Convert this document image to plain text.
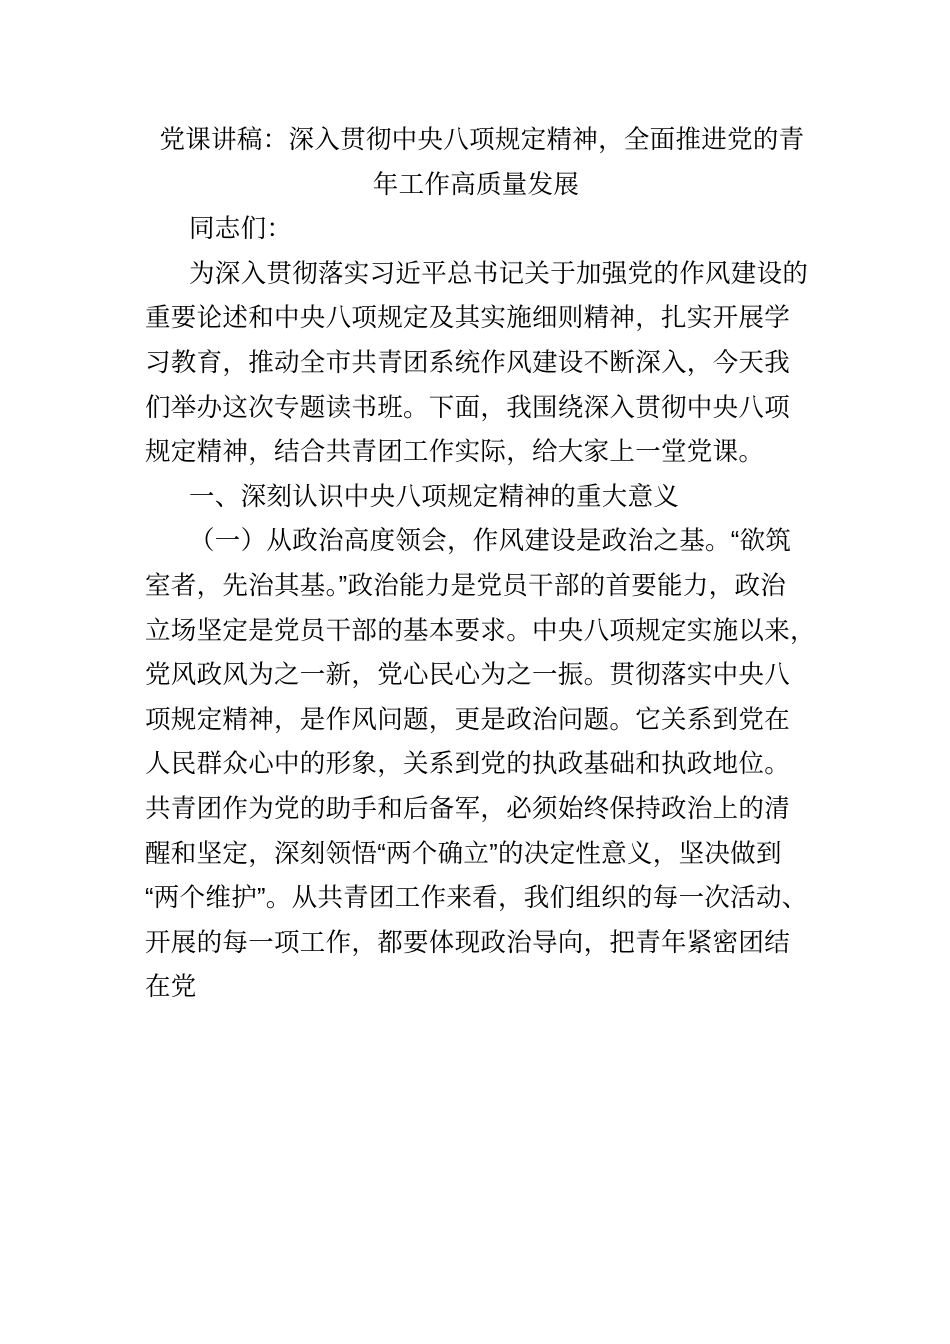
党课讲稿：深入贯彻中央八项规定精神，全面推进党的青
年工作高质量发展
同志们：
为深入贯彻落实习近平总书记关于加强党的作风建设的
重要论述和中央八项规定及其实施细则精神，扎实开展学
习教育，推动全市共青团系统作风建设不断深入，今天我
们举办这次专题读书班。下面，我围绕深入贯彻中央八项
规定精神，结合共青团工作实际，给大家上一堂党课。
一、深刻认识中央八项规定精神的重大意义
（一）从政治高度领会，作风建设是政治之基。“欲筑
室者，先治其基。”政治能力是党员干部的首要能力，政治
立场坚定是党员干部的基本要求。中央八项规定实施以来，
党风政风为之一新，党心民心为之一振。贯彻落实中央八
项规定精神，是作风问题，更是政治问题。它关系到党在
人民群众心中的形象，关系到党的执政基础和执政地位。
共青团作为党的助手和后备军，必须始终保持政治上的清
醒和坚定，深刻领悟“两个确立”的决定性意义，坚决做到
“两个维护”。从共青团工作来看，我们组织的每一次活动、
开展的每一项工作，都要体现政治导向，把青年紧密团结
在党
